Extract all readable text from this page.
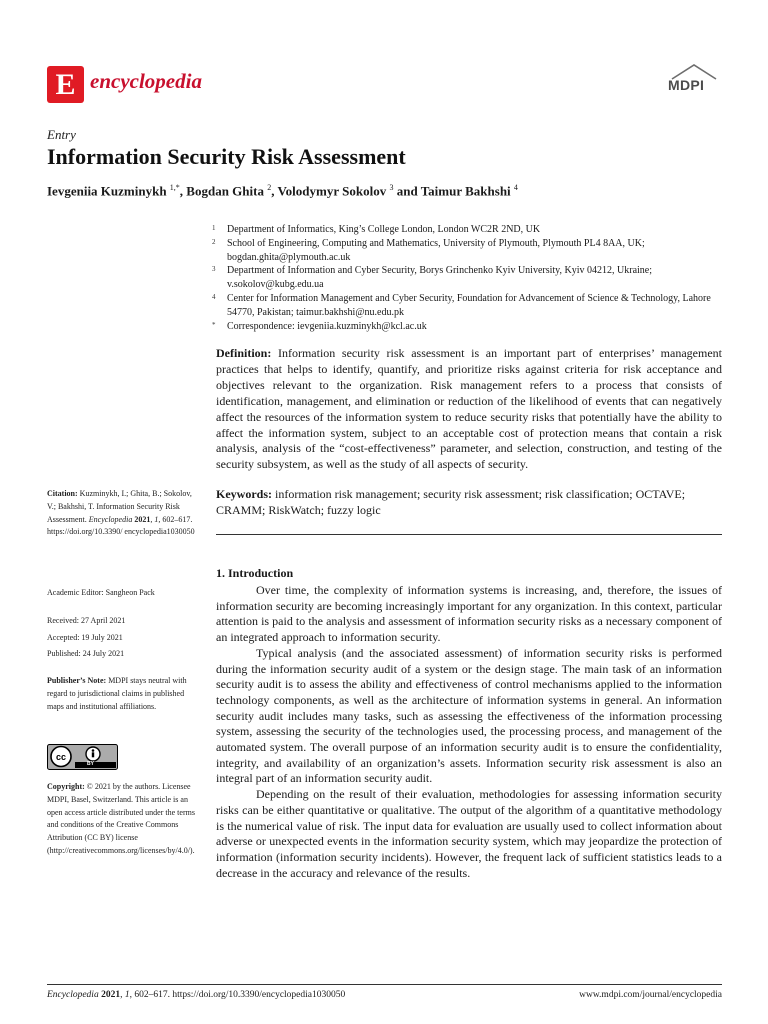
E encyclopedia	MDPI
Entry
Information Security Risk Assessment
Ievgeniia Kuzminykh $^{1,*}$, Bogdan Ghita $^2$, Volodymyr Sokolov $^3$ and Taimur Bakhshi $^4$
1	Department of Informatics, King’s College London, London WC2R 2ND, UK
2	School of Engineering, Computing and Mathematics, University of Plymouth, Plymouth PL4 8AA, UK; bogdan.ghita@plymouth.ac.uk
3	Department of Information and Cyber Security, Borys Grinchenko Kyiv University, Kyiv 04212, Ukraine; v.sokolov@kubg.edu.ua
4	Center for Information Management and Cyber Security, Foundation for Advancement of Science & Technology, Lahore 54770, Pakistan; taimur.bakhshi@nu.edu.pk
*	Correspondence: ievgeniia.kuzminykh@kcl.ac.uk
Definition: Information security risk assessment is an important part of enterprises’ management practices that helps to identify, quantify, and prioritize risks against criteria for risk acceptance and objectives relevant to the organization. Risk management refers to a process that consists of identification, management, and elimination or reduction of the likelihood of events that can negatively affect the resources of the information system to reduce security risks that potentially have the ability to affect the information system, subject to an acceptable cost of protection means that contain a risk analysis, analysis of the “cost-effectiveness” parameter, and selection, construction, and testing of the security subsystem, as well as the study of all aspects of security.
Keywords: information risk management; security risk assessment; risk classification; OCTAVE; CRAMM; RiskWatch; fuzzy logic
Citation: Kuzminykh, I.; Ghita, B.; Sokolov, V.; Bakhshi, T. Information Security Risk Assessment. Encyclopedia 2021, 1, 602–617. https://doi.org/10.3390/ encyclopedia1030050
Academic Editor: Sangheon Pack
Received: 27 April 2021
Accepted: 19 July 2021
Published: 24 July 2021
Publisher’s Note: MDPI stays neutral with regard to jurisdictional claims in published maps and institutional affiliations.
cc
BY
Copyright: © 2021 by the authors. Licensee MDPI, Basel, Switzerland. This article is an open access article distributed under the terms and conditions of the Creative Commons Attribution (CC BY) license (http://creativecommons.org/licenses/by/4.0/).
1. Introduction

Over time, the complexity of information systems is increasing, and, therefore, the issues of information security are becoming increasingly important for any organization. In this context, particular attention is paid to the analysis and assessment of information security risks as a necessary component of an integrated approach to information security.

Typical analysis (and the associated assessment) of information security risks is performed during the information security audit of a system or the design stage. The main task of an information security audit is to assess the ability and effectiveness of control mechanisms applied to the information technology components, as well as the architecture of information systems in general. An information security audit includes many tasks, such as assessing the effectiveness of the information processing system, assessing the security of the technologies used, the processing process, and management of the automated system. The overall purpose of an information security audit is to ensure the confidentiality, integrity, and availability of an organization’s assets. Information security risk assessment is also an integral part of an information security audit.

Depending on the result of their evaluation, methodologies for assessing information security risks can be either quantitative or qualitative. The output of the algorithm of a quantitative methodology is the numerical value of risk. The input data for evaluation are usually used to collect information about adverse or unexpected events in the information security system, which may jeopardize the protection of information (information security incidents). However, the frequent lack of sufficient statistics leads to a decrease in the accuracy and relevance of the results.

Encyclopedia 2021, 1, 602–617. https://doi.org/10.3390/encyclopedia1030050	www.mdpi.com/journal/encyclopedia
